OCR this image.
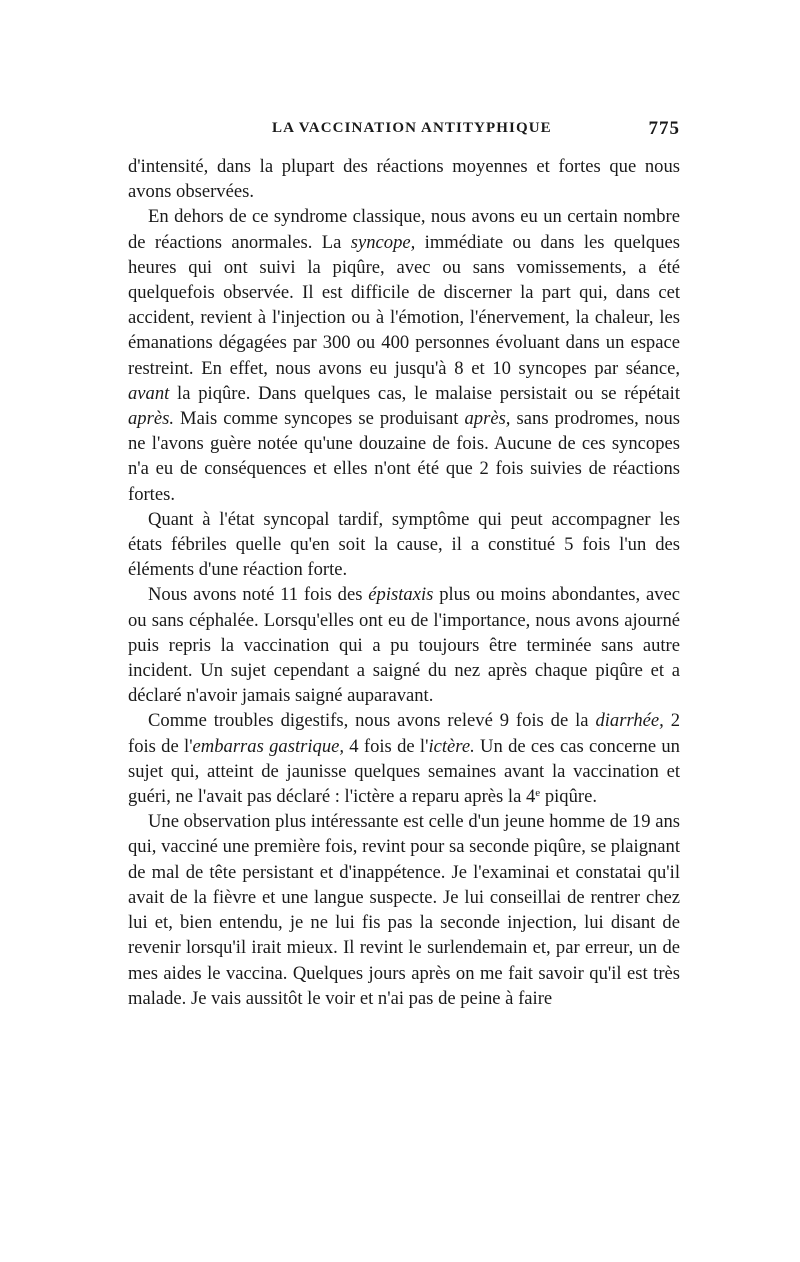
LA VACCINATION ANTITYPHIQUE	775

d'intensité, dans la plupart des réactions moyennes et fortes que nous avons observées.

En dehors de ce syndrome classique, nous avons eu un certain nombre de réactions anormales. La syncope, immédiate ou dans les quelques heures qui ont suivi la piqûre, avec ou sans vomissements, a été quelquefois observée. Il est difficile de discerner la part qui, dans cet accident, revient à l'injection ou à l'émotion, l'énervement, la chaleur, les émanations dégagées par 300 ou 400 personnes évoluant dans un espace restreint. En effet, nous avons eu jusqu'à 8 et 10 syncopes par séance, avant la piqûre. Dans quelques cas, le malaise persistait ou se répétait après. Mais comme syncopes se produisant après, sans prodromes, nous ne l'avons guère notée qu'une douzaine de fois. Aucune de ces syncopes n'a eu de conséquences et elles n'ont été que 2 fois suivies de réactions fortes.

Quant à l'état syncopal tardif, symptôme qui peut accompagner les états fébriles quelle qu'en soit la cause, il a constitué 5 fois l'un des éléments d'une réaction forte.

Nous avons noté 11 fois des épistaxis plus ou moins abondantes, avec ou sans céphalée. Lorsqu'elles ont eu de l'importance, nous avons ajourné puis repris la vaccination qui a pu toujours être terminée sans autre incident. Un sujet cependant a saigné du nez après chaque piqûre et a déclaré n'avoir jamais saigné auparavant.

Comme troubles digestifs, nous avons relevé 9 fois de la diarrhée, 2 fois de l'embarras gastrique, 4 fois de l'ictère. Un de ces cas concerne un sujet qui, atteint de jaunisse quelques semaines avant la vaccination et guéri, ne l'avait pas déclaré : l'ictère a reparu après la 4e piqûre.

Une observation plus intéressante est celle d'un jeune homme de 19 ans qui, vacciné une première fois, revint pour sa seconde piqûre, se plaignant de mal de tête persistant et d'inappétence. Je l'examinai et constatai qu'il avait de la fièvre et une langue suspecte. Je lui conseillai de rentrer chez lui et, bien entendu, je ne lui fis pas la seconde injection, lui disant de revenir lorsqu'il irait mieux. Il revint le surlendemain et, par erreur, un de mes aides le vaccina. Quelques jours après on me fait savoir qu'il est très malade. Je vais aussitôt le voir et n'ai pas de peine à faire
